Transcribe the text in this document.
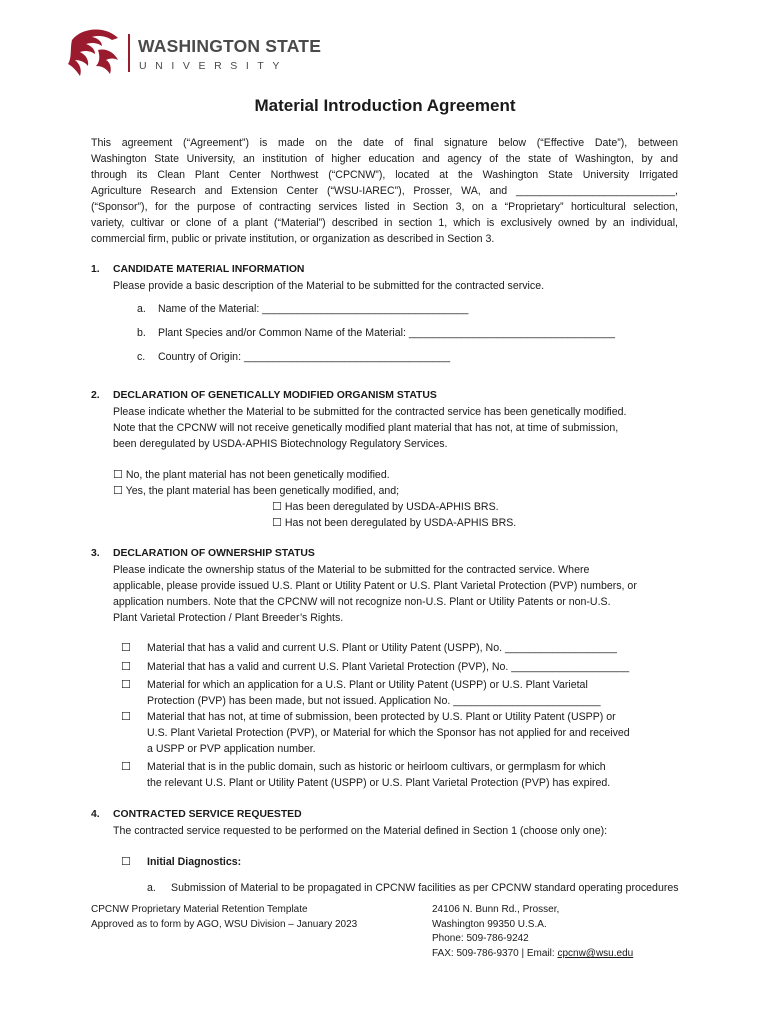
WASHINGTON STATE
UNIVERSITY
Material Introduction Agreement
This agreement (“Agreement”) is made on the date of final signature below (“Effective Date”), between
Washington State University, an institution of higher education and agency of the state of Washington, by and
through its Clean Plant Center Northwest (“CPCNW”), located at the Washington State University Irrigated
Agriculture Research and Extension Center (“WSU-IAREC”), Prosser, WA, and ___________________________,
(“Sponsor”), for the purpose of contracting services listed in Section 3, on a “Proprietary” horticultural selection,
variety, cultivar or clone of a plant (“Material”) described in section 1, which is exclusively owned by an individual,
commercial firm, public or private institution, or organization as described in Section 3.
1. CANDIDATE MATERIAL INFORMATION
Please provide a basic description of the Material to be submitted for the contracted service.
a. Name of the Material: ___________________________________
b. Plant Species and/or Common Name of the Material: ___________________________________
c. Country of Origin: ___________________________________
2. DECLARATION OF GENETICALLY MODIFIED ORGANISM STATUS
Please indicate whether the Material to be submitted for the contracted service has been genetically modified.
Note that the CPCNW will not receive genetically modified plant material that has not, at time of submission,
been deregulated by USDA-APHIS Biotechnology Regulatory Services.
☐ No, the plant material has not been genetically modified.
☐ Yes, the plant material has been genetically modified, and;
☐ Has been deregulated by USDA-APHIS BRS.
☐ Has not been deregulated by USDA-APHIS BRS.
3. DECLARATION OF OWNERSHIP STATUS
Please indicate the ownership status of the Material to be submitted for the contracted service. Where
applicable, please provide issued U.S. Plant or Utility Patent or U.S. Plant Varietal Protection (PVP) numbers, or
application numbers. Note that the CPCNW will not recognize non-U.S. Plant or Utility Patents or non-U.S.
Plant Varietal Protection / Plant Breeder’s Rights.
☐ Material that has a valid and current U.S. Plant or Utility Patent (USPP), No. ___________________
☐ Material that has a valid and current U.S. Plant Varietal Protection (PVP), No. ____________________
☐ Material for which an application for a U.S. Plant or Utility Patent (USPP) or U.S. Plant Varietal
Protection (PVP) has been made, but not issued. Application No. _________________________
☐ Material that has not, at time of submission, been protected by U.S. Plant or Utility Patent (USPP) or
U.S. Plant Varietal Protection (PVP), or Material for which the Sponsor has not applied for and received
a USPP or PVP application number.
☐ Material that is in the public domain, such as historic or heirloom cultivars, or germplasm for which
the relevant U.S. Plant or Utility Patent (USPP) or U.S. Plant Varietal Protection (PVP) has expired.
4. CONTRACTED SERVICE REQUESTED
The contracted service requested to be performed on the Material defined in Section 1 (choose only one):
☐ Initial Diagnostics:
a. Submission of Material to be propagated in CPCNW facilities as per CPCNW standard operating procedures
CPCNW Proprietary Material Retention Template
Approved as to form by AGO, WSU Division – January 2023
24106 N. Bunn Rd., Prosser,
Washington 99350 U.S.A.
Phone: 509-786-9242
FAX: 509-786-9370 | Email: cpcnw@wsu.edu
